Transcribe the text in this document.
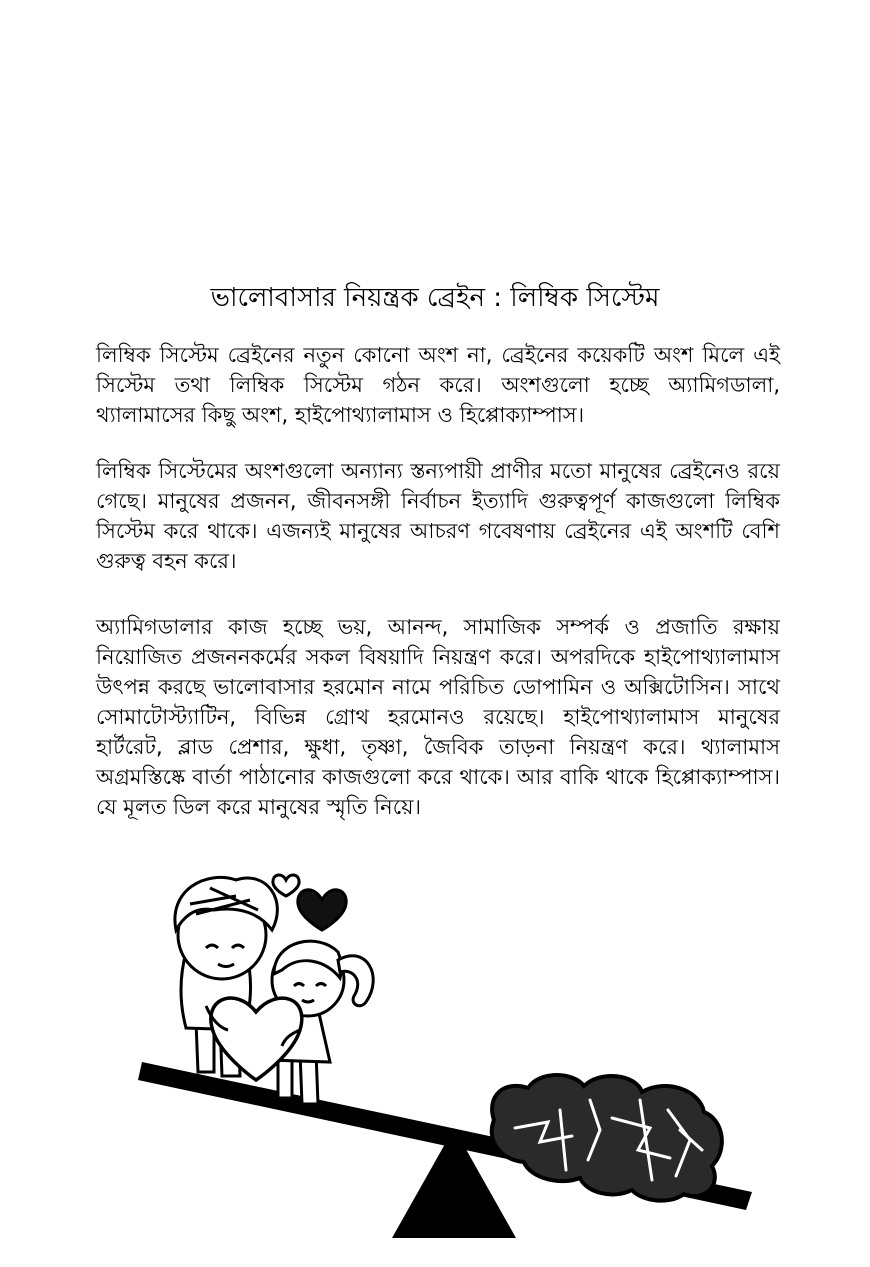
ভালোবাসার নিয়ন্ত্রক ব্রেইন : লিম্বিক সিস্টেম

লিম্বিক সিস্টেম ব্রেইনের নতুন কোনো অংশ না, ব্রেইনের কয়েকটি অংশ মিলে এই সিস্টেম তথা লিম্বিক সিস্টেম গঠন করে। অংশগুলো হচ্ছে অ্যামিগডালা, থ্যালামাসের কিছু অংশ, হাইপোথ্যালামাস ও হিপ্পোক্যাম্পাস।

লিম্বিক সিস্টেমের অংশগুলো অন্যান্য স্তন্যপায়ী প্রাণীর মতো মানুষের ব্রেইনেও রয়ে গেছে। মানুষের প্রজনন, জীবনসঙ্গী নির্বাচন ইত্যাদি গুরুত্বপূর্ণ কাজগুলো লিম্বিক সিস্টেম করে থাকে। এজন্যই মানুষের আচরণ গবেষণায় ব্রেইনের এই অংশটি বেশি গুরুত্ব বহন করে।

অ্যামিগডালার কাজ হচ্ছে ভয়, আনন্দ, সামাজিক সম্পর্ক ও প্রজাতি রক্ষায় নিয়োজিত প্রজননকর্মের সকল বিষয়াদি নিয়ন্ত্রণ করে। অপরদিকে হাইপোথ্যালামাস উৎপন্ন করছে ভালোবাসার হরমোন নামে পরিচিত ডোপামিন ও অক্সিটোসিন। সাথে সোমাটোস্ট্যাটিন, বিভিন্ন গ্রোথ হরমোনও রয়েছে। হাইপোথ্যালামাস মানুষের হার্টরেট, ব্লাড প্রেশার, ক্ষুধা, তৃষ্ণা, জৈবিক তাড়না নিয়ন্ত্রণ করে। থ্যালামাস অগ্রমস্তিষ্কে বার্তা পাঠানোর কাজগুলো করে থাকে। আর বাকি থাকে হিপ্পোক্যাম্পাস। যে মূলত ডিল করে মানুষের স্মৃতি নিয়ে।
